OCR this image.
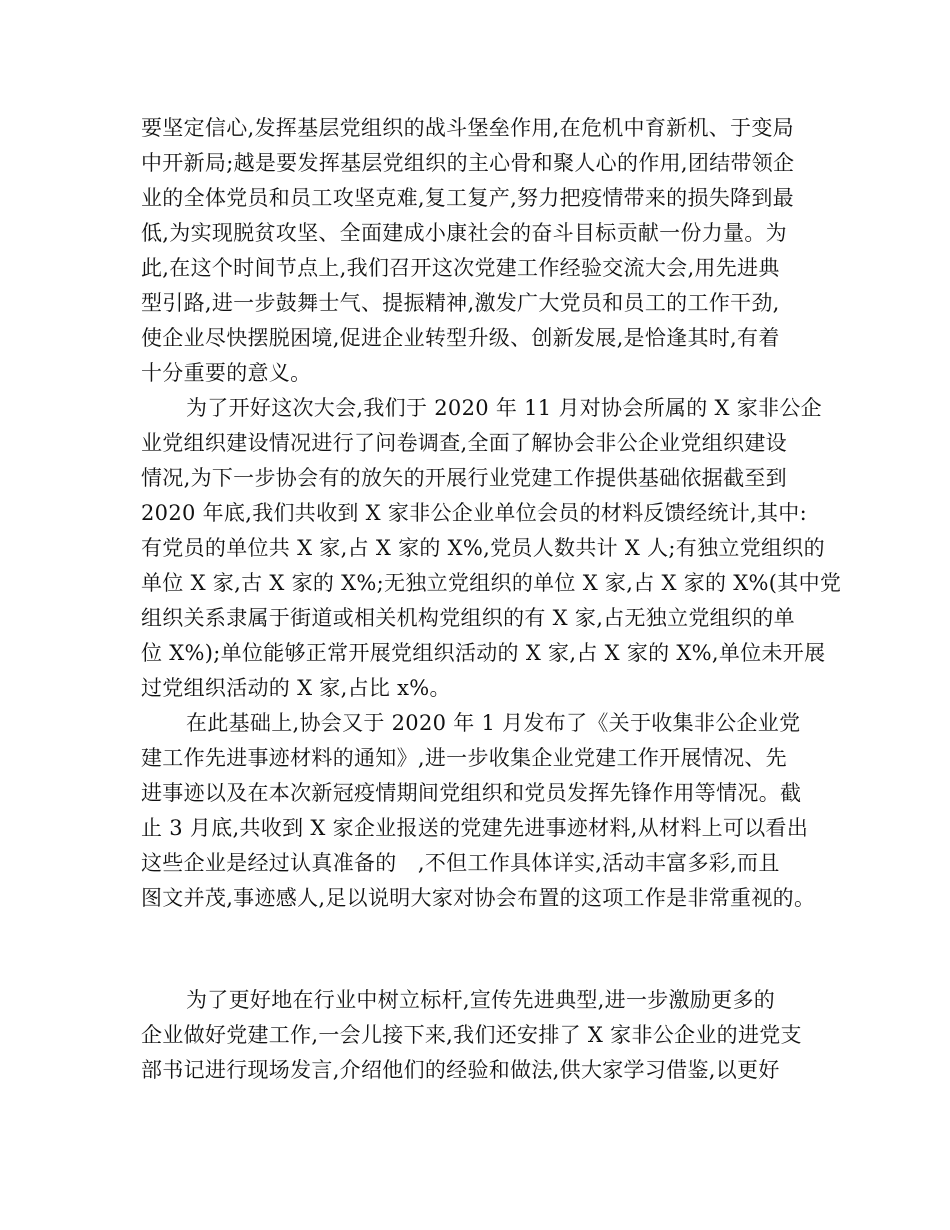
要坚定信心,发挥基层党组织的战斗堡垒作用,在危机中育新机、于变局
中开新局;越是要发挥基层党组织的主心骨和聚人心的作用,团结带领企
业的全体党员和员工攻坚克难,复工复产,努力把疫情带来的损失降到最
低,为实现脱贫攻坚、全面建成小康社会的奋斗目标贡献一份力量。为
此,在这个时间节点上,我们召开这次党建工作经验交流大会,用先进典
型引路,进一步鼓舞士气、提振精神,激发广大党员和员工的工作干劲,
使企业尽快摆脱困境,促进企业转型升级、创新发展,是恰逢其时,有着
十分重要的意义。
为了开好这次大会,我们于 2020 年 11 月对协会所属的 X 家非公企
业党组织建设情况进行了问卷调查,全面了解协会非公企业党组织建设
情况,为下一步协会有的放矢的开展行业党建工作提供基础依据截至到
2020 年底,我们共收到 X 家非公企业单位会员的材料反馈经统计,其中:
有党员的单位共 X 家,占 X 家的 X%,党员人数共计 X 人;有独立党组织的
单位 X 家,古 X 家的 X%;无独立党组织的单位 X 家,占 X 家的 X%(其中党
组织关系隶属于街道或相关机构党组织的有 X 家,占无独立党组织的单
位 X%);单位能够正常开展党组织活动的 X 家,占 X 家的 X%,单位未开展
过党组织活动的 X 家,占比 x%。
在此基础上,协会又于 2020 年 1 月发布了《关于收集非公企业党
建工作先进事迹材料的通知》,进一步收集企业党建工作开展情况、先
进事迹以及在本次新冠疫情期间党组织和党员发挥先锋作用等情况。截
止 3 月底,共收到 X 家企业报送的党建先进事迹材料,从材料上可以看出
这些企业是经过认真准备的　,不但工作具体详实,活动丰富多彩,而且
图文并茂,事迹感人,足以说明大家对协会布置的这项工作是非常重视的。
为了更好地在行业中树立标杆,宣传先进典型,进一步激励更多的
企业做好党建工作,一会儿接下来,我们还安排了 X 家非公企业的进党支
部书记进行现场发言,介绍他们的经验和做法,供大家学习借鉴,以更好
